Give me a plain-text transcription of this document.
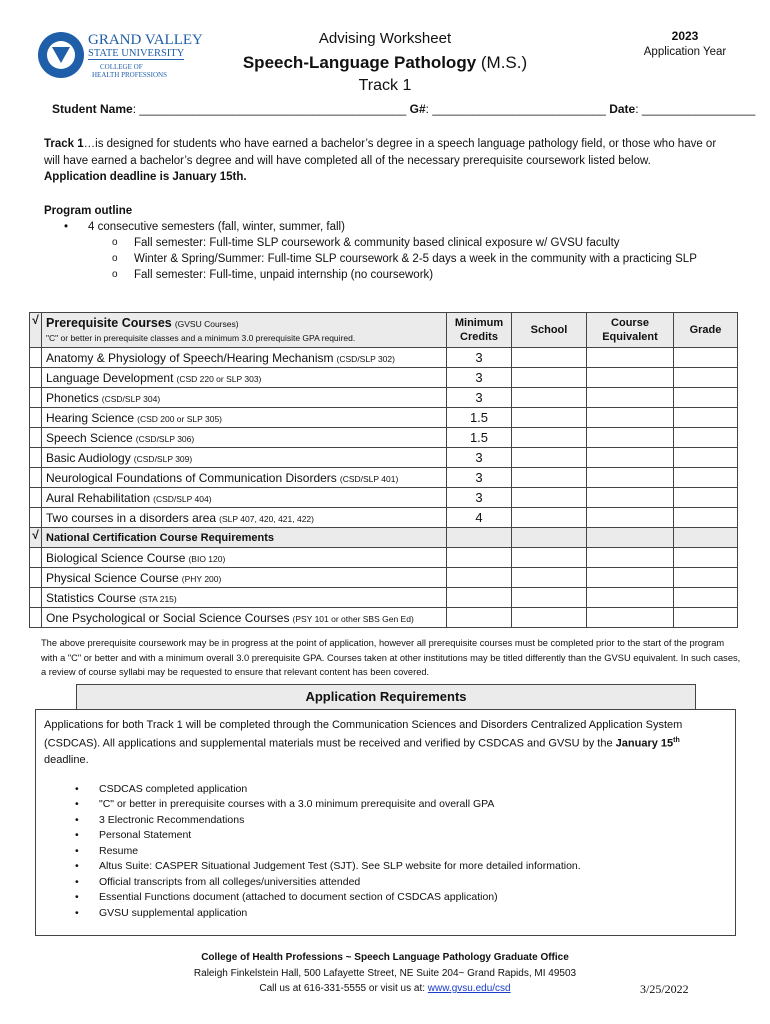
GRAND VALLEY
STATE UNIVERSITY
COLLEGE OF
HEALTH PROFESSIONS
Advising Worksheet
Speech-Language Pathology (M.S.)
Track 1
2023
Application Year
Student Name: ________________________________________ G#: __________________________ Date: _________________

Track 1…is designed for students who have earned a bachelor’s degree in a speech language pathology field, or those who have or will have earned a bachelor’s degree and will have completed all of the necessary prerequisite coursework listed below.
Application deadline is January 15th.

Program outline
• 4 consecutive semesters (fall, winter, summer, fall)
o Fall semester: Full-time SLP coursework & community based clinical exposure w/ GVSU faculty
o Winter & Spring/Summer: Full-time SLP coursework & 2-5 days a week in the community with a practicing SLP
o Fall semester: Full-time, unpaid internship (no coursework)
√	Prerequisite Courses (GVSU Courses)
"C" or better in prerequisite classes and a minimum 3.0 prerequisite GPA required.	Minimum Credits	School	Course Equivalent	Grade
	Anatomy & Physiology of Speech/Hearing Mechanism (CSD/SLP 302)	3			
	Language Development (CSD 220 or SLP 303)	3			
	Phonetics (CSD/SLP 304)	3			
	Hearing Science (CSD 200 or SLP 305)	1.5			
	Speech Science (CSD/SLP 306)	1.5			
	Basic Audiology (CSD/SLP 309)	3			
	Neurological Foundations of Communication Disorders (CSD/SLP 401)	3			
	Aural Rehabilitation (CSD/SLP 404)	3			
	Two courses in a disorders area (SLP 407, 420, 421, 422)	4			
√	National Certification Course Requirements				
	Biological Science Course (BIO 120)				
	Physical Science Course (PHY 200)				
	Statistics Course (STA 215)				
	One Psychological or Social Science Courses (PSY 101 or other SBS Gen Ed)				

The above prerequisite coursework may be in progress at the point of application, however all prerequisite courses must be completed prior to the start of the program with a "C" or better and with a minimum overall 3.0 prerequisite GPA. Courses taken at other institutions may be titled differently than the GVSU equivalent. In such cases, a review of course syllabi may be requested to ensure that relevant content has been covered.

Application Requirements

Applications for both Track 1 will be completed through the Communication Sciences and Disorders Centralized Application System (CSDCAS). All applications and supplemental materials must be received and verified by CSDCAS and GVSU by the January 15th deadline.

• CSDCAS completed application
• "C" or better in prerequisite courses with a 3.0 minimum prerequisite and overall GPA
• 3 Electronic Recommendations
• Personal Statement
• Resume
• Altus Suite: CASPER Situational Judgement Test (SJT). See SLP website for more detailed information.
• Official transcripts from all colleges/universities attended
• Essential Functions document (attached to document section of CSDCAS application)
• GVSU supplemental application
College of Health Professions ~ Speech Language Pathology Graduate Office
Raleigh Finkelstein Hall, 500 Lafayette Street, NE Suite 204~ Grand Rapids, MI 49503
Call us at 616-331-5555 or visit us at: www.gvsu.edu/csd	3/25/2022
